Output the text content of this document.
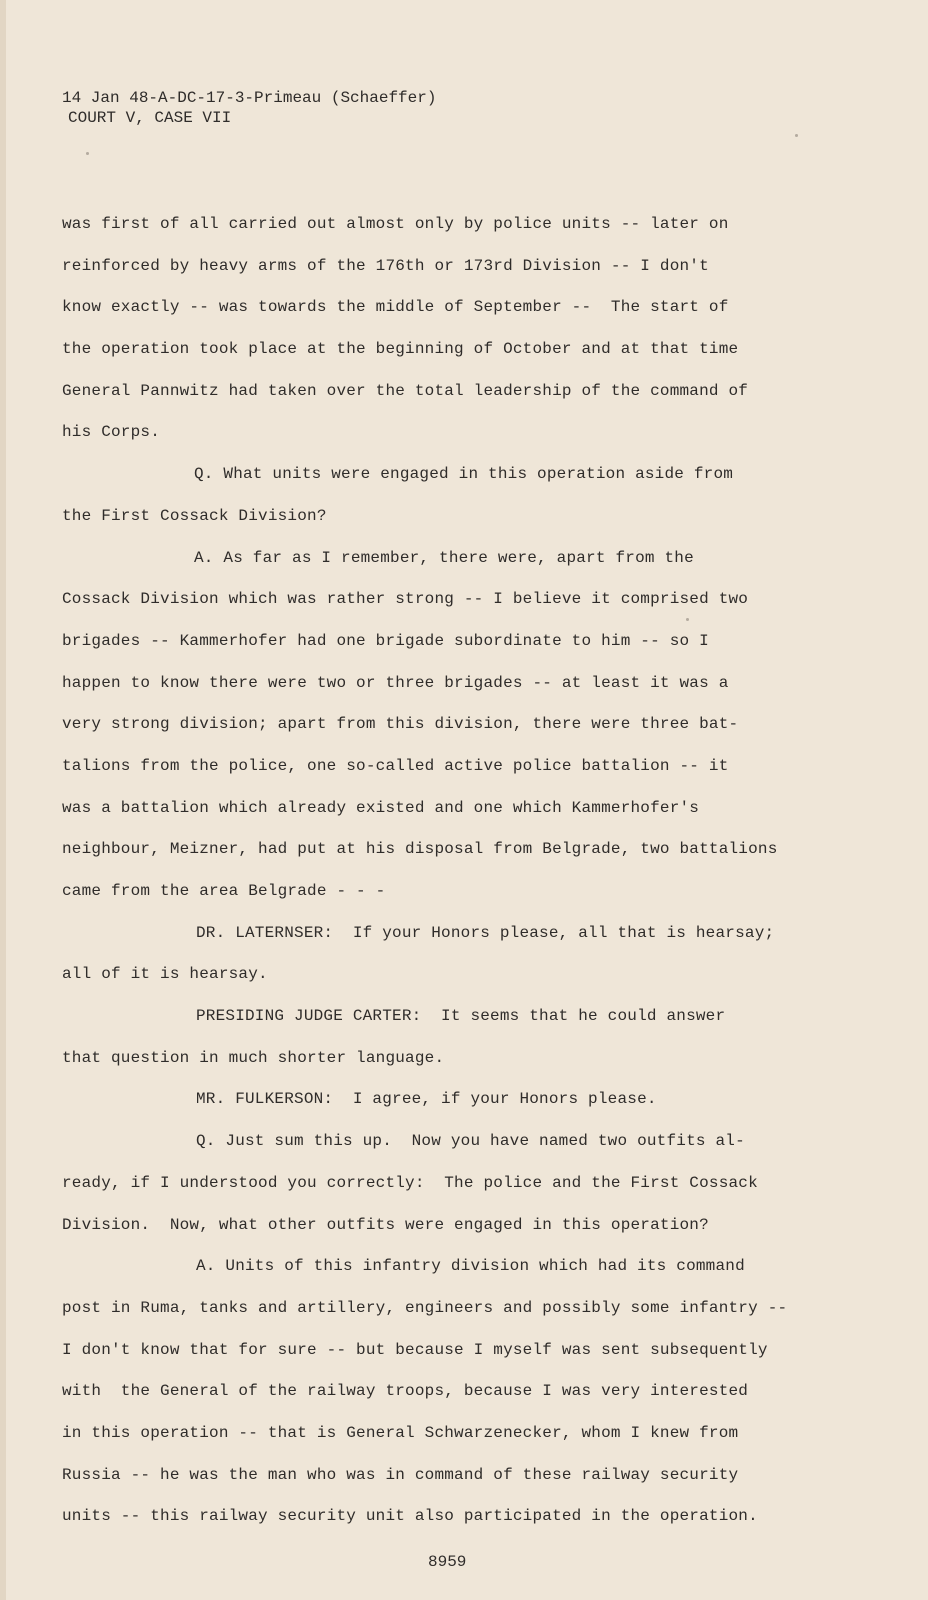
14 Jan 48-A-DC-17-3-Primeau (Schaeffer)
COURT V, CASE VII
was first of all carried out almost only by police units -- later on
reinforced by heavy arms of the 176th or 173rd Division -- I don't
know exactly -- was towards the middle of September --  The start of
the operation took place at the beginning of October and at that time
General Pannwitz had taken over the total leadership of the command of
his Corps.
Q. What units were engaged in this operation aside from
the First Cossack Division?
A. As far as I remember, there were, apart from the
Cossack Division which was rather strong -- I believe it comprised two
brigades -- Kammerhofer had one brigade subordinate to him -- so I
happen to know there were two or three brigades -- at least it was a
very strong division; apart from this division, there were three bat-
talions from the police, one so-called active police battalion -- it
was a battalion which already existed and one which Kammerhofer's
neighbour, Meizner, had put at his disposal from Belgrade, two battalions
came from the area Belgrade - - -
DR. LATERNSER:  If your Honors please, all that is hearsay;
all of it is hearsay.
PRESIDING JUDGE CARTER:  It seems that he could answer
that question in much shorter language.
MR. FULKERSON:  I agree, if your Honors please.
Q. Just sum this up.  Now you have named two outfits al-
ready, if I understood you correctly:  The police and the First Cossack
Division.  Now, what other outfits were engaged in this operation?
A. Units of this infantry division which had its command
post in Ruma, tanks and artillery, engineers and possibly some infantry --
I don't know that for sure -- but because I myself was sent subsequently
with  the General of the railway troops, because I was very interested
in this operation -- that is General Schwarzenecker, whom I knew from
Russia -- he was the man who was in command of these railway security
units -- this railway security unit also participated in the operation.
8959
